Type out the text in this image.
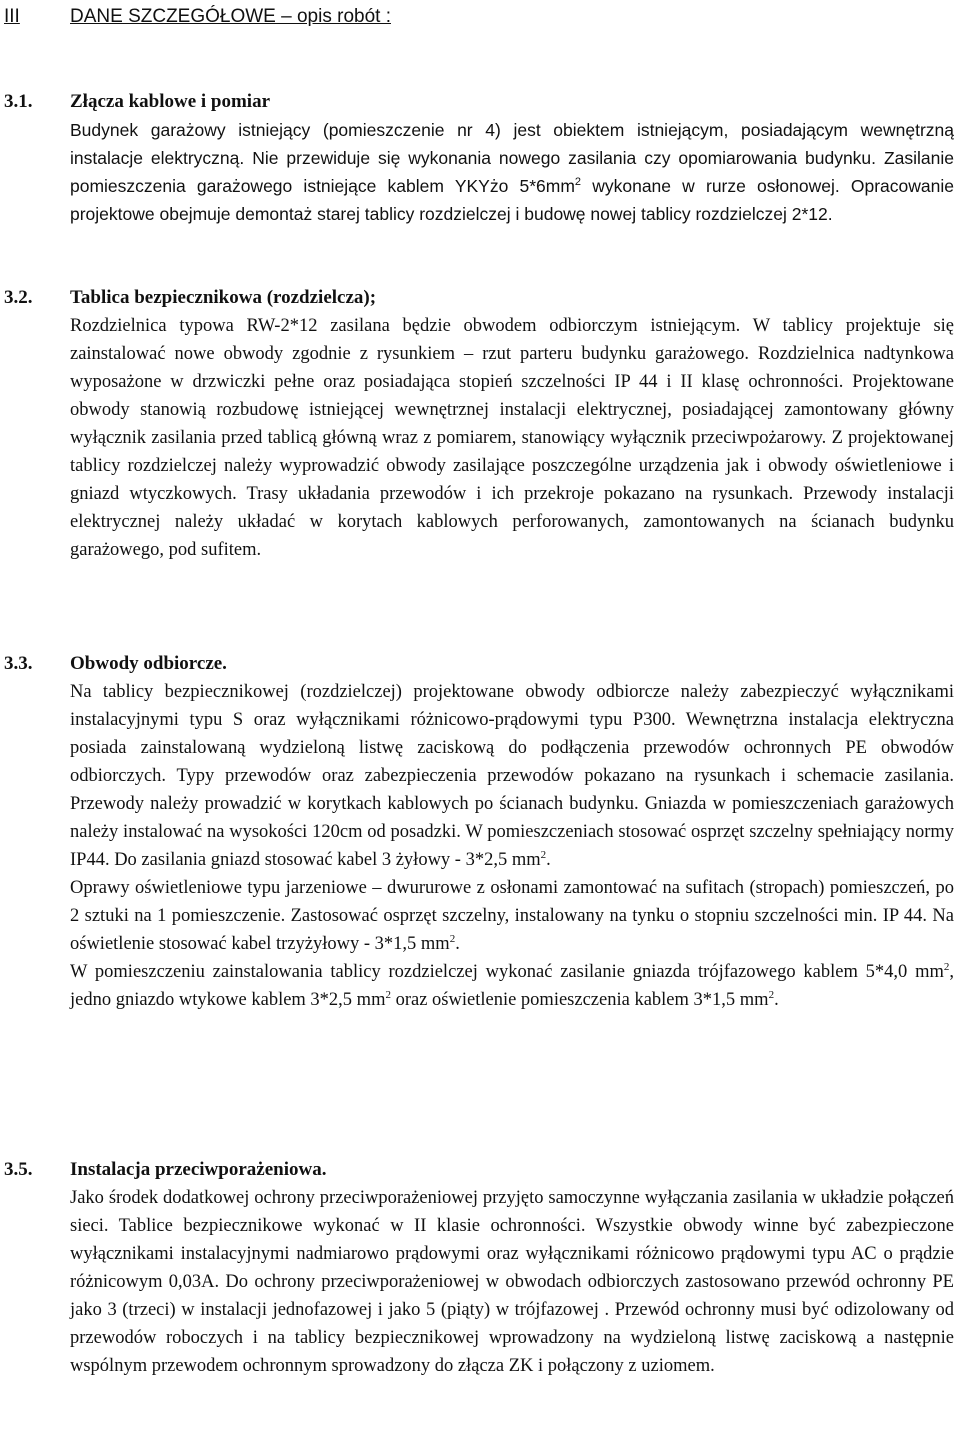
III	DANE SZCZEGÓŁOWE – opis robót :
3.1. Złącza kablowe i pomiar

Budynek garażowy istniejący (pomieszczenie nr 4) jest obiektem istniejącym, posiadającym wewnętrzną instalacje elektryczną. Nie przewiduje się wykonania nowego zasilania czy opomiarowania budynku. Zasilanie pomieszczenia garażowego istniejące kablem YKYżo $5*6mm^2$ wykonane w rurze osłonowej. Opracowanie projektowe obejmuje demontaż starej tablicy rozdzielczej i budowę nowej tablicy rozdzielczej 2*12.

3.2. Tablica bezpiecznikowa (rozdzielcza);

Rozdzielnica typowa RW-2*12 zasilana będzie obwodem odbiorczym istniejącym. W tablicy projektuje się zainstalować nowe obwody zgodnie z rysunkiem – rzut parteru budynku garażowego. Rozdzielnica nadtynkowa wyposażone w drzwiczki pełne oraz posiadająca stopień szczelności IP 44 i II klasę ochronności. Projektowane obwody stanowią rozbudowę istniejącej wewnętrznej instalacji elektrycznej, posiadającej zamontowany główny wyłącznik zasilania przed tablicą główną wraz z pomiarem, stanowiący wyłącznik przeciwpożarowy. Z projektowanej tablicy rozdzielczej należy wyprowadzić obwody zasilające poszczególne urządzenia jak i obwody oświetleniowe i gniazd wtyczkowych. Trasy układania przewodów i ich przekroje pokazano na rysunkach. Przewody instalacji elektrycznej należy układać w korytach kablowych perforowanych, zamontowanych na ścianach budynku garażowego, pod sufitem.

3.3. Obwody odbiorcze.

Na tablicy bezpiecznikowej (rozdzielczej) projektowane obwody odbiorcze należy zabezpieczyć wyłącznikami instalacyjnymi typu S oraz wyłącznikami różnicowo-prądowymi typu P300. Wewnętrzna instalacja elektryczna posiada zainstalowaną wydzieloną listwę zaciskową do podłączenia przewodów ochronnych PE obwodów odbiorczych. Typy przewodów oraz zabezpieczenia przewodów pokazano na rysunkach i schemacie zasilania. Przewody należy prowadzić w korytkach kablowych po ścianach budynku. Gniazda w pomieszczeniach garażowych należy instalować na wysokości 120cm od posadzki. W pomieszczeniach stosować osprzęt szczelny spełniający normy IP44. Do zasilania gniazd stosować kabel 3 żyłowy - 3*2,5 $mm^2$.

Oprawy oświetleniowe typu jarzeniowe – dwururowe z osłonami zamontować na sufitach (stropach) pomieszczeń, po 2 sztuki na 1 pomieszczenie. Zastosować osprzęt szczelny, instalowany na tynku o stopniu szczelności min. IP 44. Na oświetlenie stosować kabel trzyżyłowy - 3*1,5 $mm^2$.

W pomieszczeniu zainstalowania tablicy rozdzielczej wykonać zasilanie gniazda trójfazowego kablem 5*4,0 $mm^2$, jedno gniazdo wtykowe kablem 3*2,5 $mm^2$ oraz oświetlenie pomieszczenia kablem 3*1,5 $mm^2$.

3.5. Instalacja przeciwporażeniowa.

Jako środek dodatkowej ochrony przeciwporażeniowej przyjęto samoczynne wyłączania zasilania w układzie połączeń sieci. Tablice bezpiecznikowe wykonać w II klasie ochronności. Wszystkie obwody winne być zabezpieczone wyłącznikami instalacyjnymi nadmiarowo prądowymi oraz wyłącznikami różnicowo prądowymi typu AC o prądzie różnicowym 0,03A. Do ochrony przeciwporażeniowej w obwodach odbiorczych zastosowano przewód ochronny PE jako 3 (trzeci) w instalacji jednofazowej i jako 5 (piąty) w trójfazowej . Przewód ochronny musi być odizolowany od przewodów roboczych i na tablicy bezpiecznikowej wprowadzony na wydzieloną listwę zaciskową a następnie wspólnym przewodem ochronnym sprowadzony do złącza ZK i połączony z uziomem.
